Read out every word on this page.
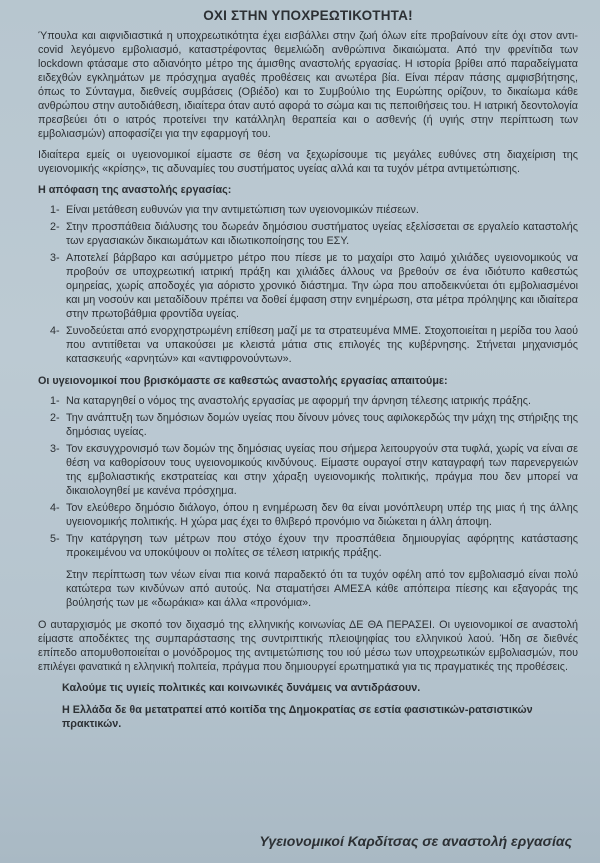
ΟΧΙ ΣΤΗΝ ΥΠΟΧΡΕΩΤΙΚΟΤΗΤΑ!

Ύπουλα και αιφνιδιαστικά η υποχρεωτικότητα έχει εισβάλλει στην ζωή όλων είτε προβαίνουν είτε όχι στον αντι-covid λεγόμενο εμβολιασμό, καταστρέφοντας θεμελιώδη ανθρώπινα δικαιώματα. Από την φρενίτιδα των lockdown φτάσαμε στο αδιανόητο μέτρο της άμισθης αναστολής εργασίας. Η ιστορία βρίθει από παραδείγματα ειδεχθών εγκλημάτων με πρόσχημα αγαθές προθέσεις και ανωτέρα βία. Είναι πέραν πάσης αμφισβήτησης, όπως το Σύνταγμα, διεθνείς συμβάσεις (Οβιέδο) και το Συμβούλιο της Ευρώπης ορίζουν, το δικαίωμα κάθε ανθρώπου στην αυτοδιάθεση, ιδιαίτερα όταν αυτό αφορά το σώμα και τις πεποιθήσεις του. Η ιατρική δεοντολογία πρεσβεύει ότι ο ιατρός προτείνει την κατάλληλη θεραπεία και ο ασθενής (ή υγιής στην περίπτωση των εμβολιασμών) αποφασίζει για την εφαρμογή του.

Ιδιαίτερα εμείς οι υγειονομικοί είμαστε σε θέση να ξεχωρίσουμε τις μεγάλες ευθύνες στη διαχείριση της υγειονομικής «κρίσης», τις αδυναμίες του συστήματος υγείας αλλά και τα τυχόν μέτρα αντιμετώπισης.

Η απόφαση της αναστολής εργασίας:
1- Είναι μετάθεση ευθυνών για την αντιμετώπιση των υγειονομικών πιέσεων.
2- Στην προσπάθεια διάλυσης του δωρεάν δημόσιου συστήματος υγείας εξελίσσεται σε εργαλείο καταστολής των εργασιακών δικαιωμάτων και ιδιωτικοποίησης του ΕΣΥ.
3- Αποτελεί βάρβαρο και ασύμμετρο μέτρο που πίεσε με το μαχαίρι στο λαιμό χιλιάδες υγειονομικούς να προβούν σε υποχρεωτική ιατρική πράξη και χιλιάδες άλλους να βρεθούν σε ένα ιδιότυπο καθεστώς ομηρείας, χωρίς αποδοχές για αόριστο χρονικό διάστημα. Την ώρα που αποδεικνύεται ότι εμβολιασμένοι και μη νοσούν και μεταδίδουν πρέπει να δοθεί έμφαση στην ενημέρωση, στα μέτρα πρόληψης και ιδιαίτερα στην πρωτοβάθμια φροντίδα υγείας.
4- Συνοδεύεται από ενορχηστρωμένη επίθεση μαζί με τα στρατευμένα ΜΜΕ. Στοχοποιείται η μερίδα του λαού που αντιτίθεται να υπακούσει με κλειστά μάτια στις επιλογές της κυβέρνησης. Στήνεται μηχανισμός κατασκευής «αρνητών» και «αντιφρονούντων».
Οι υγειονομικοί που βρισκόμαστε σε καθεστώς αναστολής εργασίας απαιτούμε:
1- Να καταργηθεί ο νόμος της αναστολής εργασίας με αφορμή την άρνηση τέλεσης ιατρικής πράξης.
2- Την ανάπτυξη των δημόσιων δομών υγείας που δίνουν μόνες τους αφιλοκερδώς την μάχη της στήριξης της δημόσιας υγείας.
3- Τον εκσυγχρονισμό των δομών της δημόσιας υγείας που σήμερα λειτουργούν στα τυφλά, χωρίς να είναι σε θέση να καθορίσουν τους υγειονομικούς κινδύνους. Είμαστε ουραγοί στην καταγραφή των παρενεργειών της εμβολιαστικής εκστρατείας και στην χάραξη υγειονομικής πολιτικής, πράγμα που δεν μπορεί να δικαιολογηθεί με κανένα πρόσχημα.
4- Τον ελεύθερο δημόσιο διάλογο, όπου η ενημέρωση δεν θα είναι μονόπλευρη υπέρ της μιας ή της άλλης υγειονομικής πολιτικής. Η χώρα μας έχει το θλιβερό προνόμιο να διώκεται η άλλη άποψη.
5- Την κατάργηση των μέτρων που στόχο έχουν την προσπάθεια δημιουργίας αφόρητης κατάστασης προκειμένου να υποκύψουν οι πολίτες σε τέλεση ιατρικής πράξης.

Στην περίπτωση των νέων είναι πια κοινά παραδεκτό ότι τα τυχόν οφέλη από τον εμβολιασμό είναι πολύ κατώτερα των κινδύνων από αυτούς. Να σταματήσει ΑΜΕΣΑ κάθε απόπειρα πίεσης και εξαγοράς της βούλησής των με «δωράκια» και άλλα «προνόμια».

Ο αυταρχισμός με σκοπό τον διχασμό της ελληνικής κοινωνίας ΔΕ ΘΑ ΠΕΡΑΣΕΙ. Οι υγειονομικοί σε αναστολή είμαστε αποδέκτες της συμπαράστασης της συντριπτικής πλειοψηφίας του ελληνικού λαού. Ήδη σε διεθνές επίπεδο απομυθοποιείται ο μονόδρομος της αντιμετώπισης του ιού μέσω των υποχρεωτικών εμβολιασμών, που επιλέγει φανατικά η ελληνική πολιτεία, πράγμα που δημιουργεί ερωτηματικά για τις πραγματικές της προθέσεις.

Καλούμε τις υγιείς πολιτικές και κοινωνικές δυνάμεις να αντιδράσουν.
Η Ελλάδα δε θα μετατραπεί από κοιτίδα της Δημοκρατίας σε εστία φασιστικών-ρατσιστικών πρακτικών.
Υγειονομικοί Καρδίτσας σε αναστολή εργασίας
